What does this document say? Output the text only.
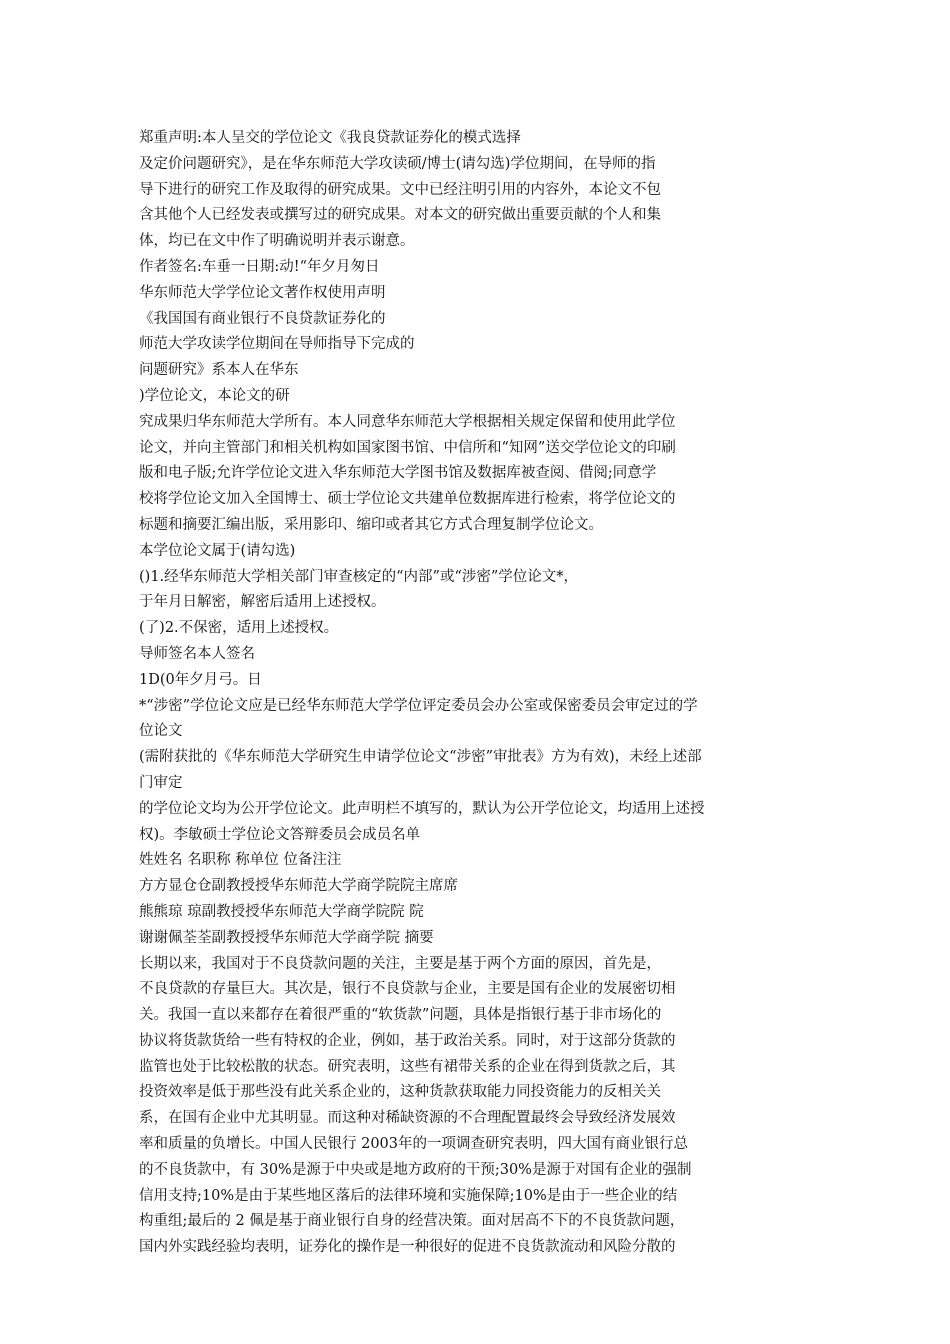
郑重声明:本人呈交的学位论文《我良贷款证券化的模式选择
及定价问题研究》，是在华东师范大学攻读硕/博士(请勾选)学位期间，在导师的指
导下进行的研究工作及取得的研究成果。文中已经注明引用的内容外，本论文不包
含其他个人已经发表或撰写过的研究成果。对本文的研究做出重要贡献的个人和集
体，均已在文中作了明确说明并表示谢意。
作者签名:车垂一日期:动!“年夕月匆日
华东师范大学学位论文著作权使用声明
《我国国有商业银行不良贷款证券化的
师范大学攻读学位期间在导师指导下完成的
问题研究》系本人在华东
)学位论文，本论文的研
究成果归华东师范大学所有。本人同意华东师范大学根据相关规定保留和使用此学位
论文，并向主管部门和相关机构如国家图书馆、中信所和“知网”送交学位论文的印刷
版和电子版;允许学位论文进入华东师范大学图书馆及数据库被查阅、借阅;同意学
校将学位论文加入全国博士、硕士学位论文共建单位数据库进行检索，将学位论文的
标题和摘要汇编出版，采用影印、缩印或者其它方式合理复制学位论文。
本学位论文属于(请勾选)
()1.经华东师范大学相关部门审查核定的“内部”或“涉密”学位论文*，
于年月日解密，解密后适用上述授权。
(了)2.不保密，适用上述授权。
导师签名本人签名
1D(0年夕月弓。日
*“涉密”学位论文应是已经华东师范大学学位评定委员会办公室或保密委员会审定过的学
位论文
(需附获批的《华东师范大学研究生申请学位论文“涉密”审批表》方为有效)，未经上述部
门审定
的学位论文均为公开学位论文。此声明栏不填写的，默认为公开学位论文，均适用上述授
权)。李敏硕士学位论文答辩委员会成员名单
姓姓名 名职称 称单位 位备注注
方方显仓仓副教授授华东师范大学商学院院主席席
熊熊琼 琼副教授授华东师范大学商学院院 院
谢谢佩荃荃副教授授华东师范大学商学院 摘要
长期以来，我国对于不良贷款问题的关注，主要是基于两个方面的原因，首先是，
不良贷款的存量巨大。其次是，银行不良贷款与企业，主要是国有企业的发展密切相
关。我国一直以来都存在着很严重的“软货款”问题，具体是指银行基于非市场化的
协议将货款货给一些有特权的企业，例如，基于政治关系。同时，对于这部分货款的
监管也处于比较松散的状态。研究表明，这些有裙带关系的企业在得到货款之后，其
投资效率是低于那些没有此关系企业的，这种货款获取能力同投资能力的反相关关
系，在国有企业中尤其明显。而这种对稀缺资源的不合理配置最终会导致经济发展效
率和质量的负增长。中国人民银行 2003年的一项调查研究表明，四大国有商业银行总
的不良货款中，有 30%是源于中央或是地方政府的干预;30%是源于对国有企业的强制
信用支持;10%是由于某些地区落后的法律环境和实施保障;10%是由于一些企业的结
构重组;最后的 2 佩是基于商业银行自身的经营决策。面对居高不下的不良货款问题，
国内外实践经验均表明，证券化的操作是一种很好的促进不良货款流动和风险分散的
